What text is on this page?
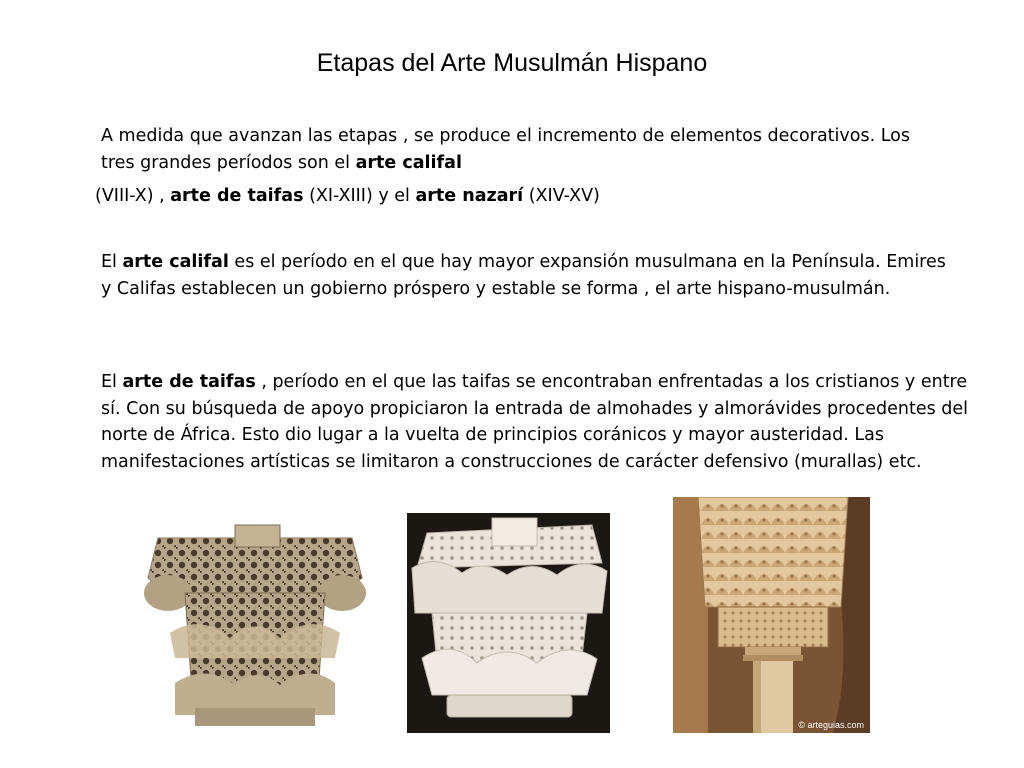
Etapas del Arte Musulmán Hispano

A medida que avanzan las etapas , se produce el incremento de elementos decorativos. Los tres grandes períodos son el arte califal

(VIII-X) , arte de taifas (XI-XIII) y el arte nazarí (XIV-XV)

El arte califal es el período en el que hay mayor expansión musulmana en la Península. Emires y Califas establecen un gobierno próspero y estable se forma , el arte hispano-musulmán.

El arte de taifas , período en el que las taifas se encontraban enfrentadas a los cristianos y entre sí. Con su búsqueda de apoyo propiciaron la entrada de almohades y almorávides procedentes del norte de África. Esto dio lugar a la vuelta de principios coránicos y mayor austeridad. Las manifestaciones artísticas se limitaron a construcciones de carácter defensivo (murallas) etc.

© arteguias.com
